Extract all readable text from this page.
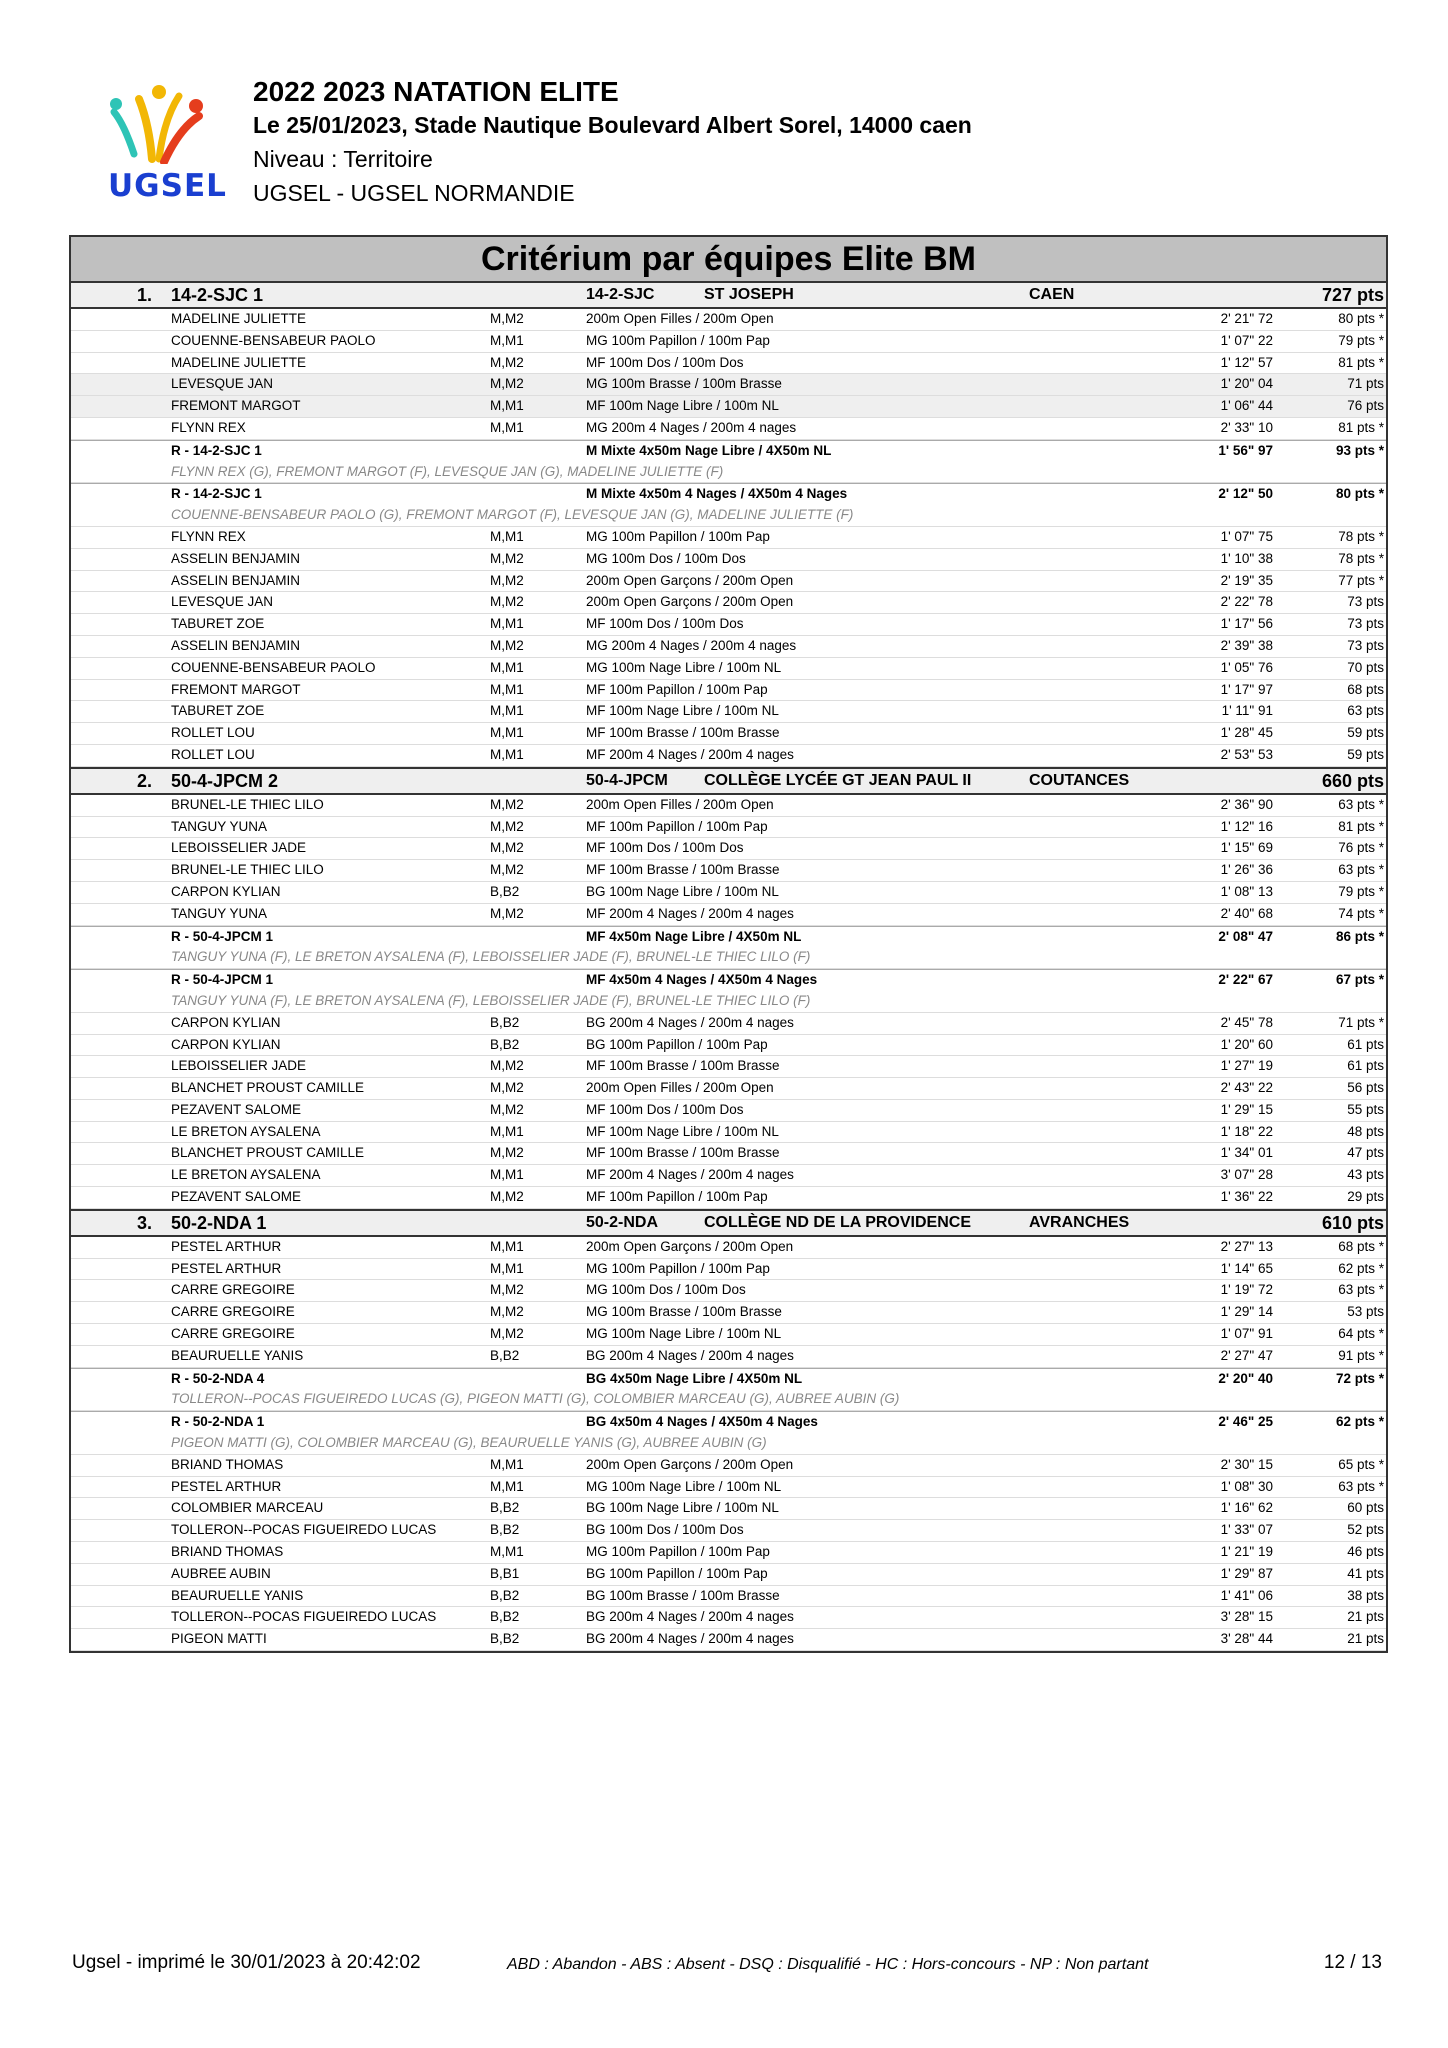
UGSEL
2022 2023 NATATION ELITE
Le 25/01/2023, Stade Nautique Boulevard Albert Sorel, 14000 caen
Niveau : Territoire
UGSEL - UGSEL NORMANDIE
Critérium par équipes Elite BM
1. 14-2-SJC 1	14-2-SJC	ST JOSEPH	CAEN	727 pts
MADELINE JULIETTE	M,M2	200m Open Filles / 200m Open	2' 21" 72	80 pts *
COUENNE-BENSABEUR PAOLO	M,M1	MG 100m Papillon / 100m Pap	1' 07" 22	79 pts *
MADELINE JULIETTE	M,M2	MF 100m Dos / 100m Dos	1' 12" 57	81 pts *
LEVESQUE JAN	M,M2	MG 100m Brasse / 100m Brasse	1' 20" 04	71 pts
FREMONT MARGOT	M,M1	MF 100m Nage Libre / 100m NL	1' 06" 44	76 pts
FLYNN REX	M,M1	MG 200m 4 Nages / 200m 4 nages	2' 33" 10	81 pts *
R - 14-2-SJC 1	M Mixte 4x50m Nage Libre / 4X50m NL	1' 56" 97	93 pts *
FLYNN REX (G), FREMONT MARGOT (F), LEVESQUE JAN (G), MADELINE JULIETTE (F)
R - 14-2-SJC 1	M Mixte 4x50m 4 Nages / 4X50m 4 Nages	2' 12" 50	80 pts *
COUENNE-BENSABEUR PAOLO (G), FREMONT MARGOT (F), LEVESQUE JAN (G), MADELINE JULIETTE (F)
FLYNN REX	M,M1	MG 100m Papillon / 100m Pap	1' 07" 75	78 pts *
ASSELIN BENJAMIN	M,M2	MG 100m Dos / 100m Dos	1' 10" 38	78 pts *
ASSELIN BENJAMIN	M,M2	200m Open Garçons / 200m Open	2' 19" 35	77 pts *
LEVESQUE JAN	M,M2	200m Open Garçons / 200m Open	2' 22" 78	73 pts
TABURET ZOE	M,M1	MF 100m Dos / 100m Dos	1' 17" 56	73 pts
ASSELIN BENJAMIN	M,M2	MG 200m 4 Nages / 200m 4 nages	2' 39" 38	73 pts
COUENNE-BENSABEUR PAOLO	M,M1	MG 100m Nage Libre / 100m NL	1' 05" 76	70 pts
FREMONT MARGOT	M,M1	MF 100m Papillon / 100m Pap	1' 17" 97	68 pts
TABURET ZOE	M,M1	MF 100m Nage Libre / 100m NL	1' 11" 91	63 pts
ROLLET LOU	M,M1	MF 100m Brasse / 100m Brasse	1' 28" 45	59 pts
ROLLET LOU	M,M1	MF 200m 4 Nages / 200m 4 nages	2' 53" 53	59 pts
2. 50-4-JPCM 2	50-4-JPCM COLLÈGE LYCÉE GT JEAN PAUL II	COUTANCES	660 pts
BRUNEL-LE THIEC LILO	M,M2	200m Open Filles / 200m Open	2' 36" 90	63 pts *
TANGUY YUNA	M,M2	MF 100m Papillon / 100m Pap	1' 12" 16	81 pts *
LEBOISSELIER JADE	M,M2	MF 100m Dos / 100m Dos	1' 15" 69	76 pts *
BRUNEL-LE THIEC LILO	M,M2	MF 100m Brasse / 100m Brasse	1' 26" 36	63 pts *
CARPON KYLIAN	B,B2	BG 100m Nage Libre / 100m NL	1' 08" 13	79 pts *
TANGUY YUNA	M,M2	MF 200m 4 Nages / 200m 4 nages	2' 40" 68	74 pts *
R - 50-4-JPCM 1	MF 4x50m Nage Libre / 4X50m NL	2' 08" 47	86 pts *
TANGUY YUNA (F), LE BRETON AYSALENA (F), LEBOISSELIER JADE (F), BRUNEL-LE THIEC LILO (F)
R - 50-4-JPCM 1	MF 4x50m 4 Nages / 4X50m 4 Nages	2' 22" 67	67 pts *
TANGUY YUNA (F), LE BRETON AYSALENA (F), LEBOISSELIER JADE (F), BRUNEL-LE THIEC LILO (F)
CARPON KYLIAN	B,B2	BG 200m 4 Nages / 200m 4 nages	2' 45" 78	71 pts *
CARPON KYLIAN	B,B2	BG 100m Papillon / 100m Pap	1' 20" 60	61 pts
LEBOISSELIER JADE	M,M2	MF 100m Brasse / 100m Brasse	1' 27" 19	61 pts
BLANCHET PROUST CAMILLE	M,M2	200m Open Filles / 200m Open	2' 43" 22	56 pts
PEZAVENT SALOME	M,M2	MF 100m Dos / 100m Dos	1' 29" 15	55 pts
LE BRETON AYSALENA	M,M1	MF 100m Nage Libre / 100m NL	1' 18" 22	48 pts
BLANCHET PROUST CAMILLE	M,M2	MF 100m Brasse / 100m Brasse	1' 34" 01	47 pts
LE BRETON AYSALENA	M,M1	MF 200m 4 Nages / 200m 4 nages	3' 07" 28	43 pts
PEZAVENT SALOME	M,M2	MF 100m Papillon / 100m Pap	1' 36" 22	29 pts
3. 50-2-NDA 1	50-2-NDA	COLLÈGE ND DE LA PROVIDENCE	AVRANCHES	610 pts
PESTEL ARTHUR	M,M1	200m Open Garçons / 200m Open	2' 27" 13	68 pts *
PESTEL ARTHUR	M,M1	MG 100m Papillon / 100m Pap	1' 14" 65	62 pts *
CARRE GREGOIRE	M,M2	MG 100m Dos / 100m Dos	1' 19" 72	63 pts *
CARRE GREGOIRE	M,M2	MG 100m Brasse / 100m Brasse	1' 29" 14	53 pts
CARRE GREGOIRE	M,M2	MG 100m Nage Libre / 100m NL	1' 07" 91	64 pts *
BEAURUELLE YANIS	B,B2	BG 200m 4 Nages / 200m 4 nages	2' 27" 47	91 pts *
R - 50-2-NDA 4	BG 4x50m Nage Libre / 4X50m NL	2' 20" 40	72 pts *
TOLLERON--POCAS FIGUEIREDO LUCAS (G), PIGEON MATTI (G), COLOMBIER MARCEAU (G), AUBREE AUBIN (G)
R - 50-2-NDA 1	BG 4x50m 4 Nages / 4X50m 4 Nages	2' 46" 25	62 pts *
PIGEON MATTI (G), COLOMBIER MARCEAU (G), BEAURUELLE YANIS (G), AUBREE AUBIN (G)
BRIAND THOMAS	M,M1	200m Open Garçons / 200m Open	2' 30" 15	65 pts *
PESTEL ARTHUR	M,M1	MG 100m Nage Libre / 100m NL	1' 08" 30	63 pts *
COLOMBIER MARCEAU	B,B2	BG 100m Nage Libre / 100m NL	1' 16" 62	60 pts
TOLLERON--POCAS FIGUEIREDO LUCAS	B,B2	BG 100m Dos / 100m Dos	1' 33" 07	52 pts
BRIAND THOMAS	M,M1	MG 100m Papillon / 100m Pap	1' 21" 19	46 pts
AUBREE AUBIN	B,B1	BG 100m Papillon / 100m Pap	1' 29" 87	41 pts
BEAURUELLE YANIS	B,B2	BG 100m Brasse / 100m Brasse	1' 41" 06	38 pts
TOLLERON--POCAS FIGUEIREDO LUCAS	B,B2	BG 200m 4 Nages / 200m 4 nages	3' 28" 15	21 pts
PIGEON MATTI	B,B2	BG 200m 4 Nages / 200m 4 nages	3' 28" 44	21 pts
Ugsel - imprimé le 30/01/2023 à 20:42:02	ABD : Abandon - ABS : Absent - DSQ : Disqualifié - HC : Hors-concours - NP : Non partant	12 / 13
